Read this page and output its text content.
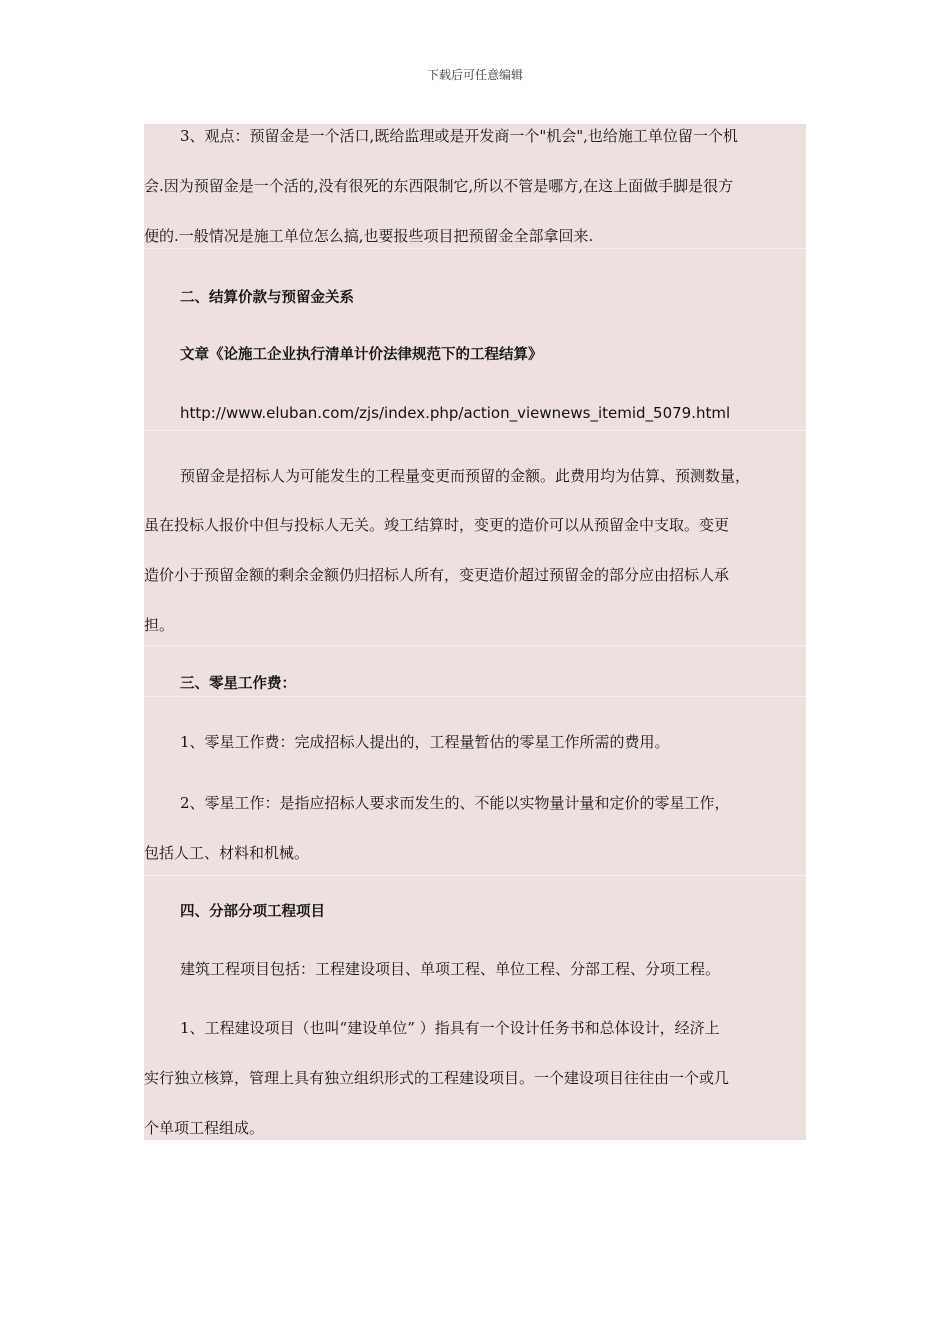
下载后可任意编辑
3、观点：预留金是一个活口,既给监理或是开发商一个"机会",也给施工单位留一个机
会.因为预留金是一个活的,没有很死的东西限制它,所以不管是哪方,在这上面做手脚是很方
便的.一般情况是施工单位怎么搞,也要报些项目把预留金全部拿回来.
二、结算价款与预留金关系
文章《论施工企业执行清单计价法律规范下的工程结算》
http://www.eluban.com/zjs/index.php/action_viewnews_itemid_5079.html
预留金是招标人为可能发生的工程量变更而预留的金额。此费用均为估算、预测数量，
虽在投标人报价中但与投标人无关。竣工结算时，变更的造价可以从预留金中支取。变更
造价小于预留金额的剩余金额仍归招标人所有，变更造价超过预留金的部分应由招标人承
担。
三、零星工作费：
1、零星工作费：完成招标人提出的，工程量暂估的零星工作所需的费用。
2、零星工作：是指应招标人要求而发生的、不能以实物量计量和定价的零星工作，
包括人工、材料和机械。
四、分部分项工程项目
建筑工程项目包括：工程建设项目、单项工程、单位工程、分部工程、分项工程。
1、工程建设项目（也叫“建设单位” ）指具有一个设计任务书和总体设计，经济上
实行独立核算，管理上具有独立组织形式的工程建设项目。一个建设项目往往由一个或几
个单项工程组成。
